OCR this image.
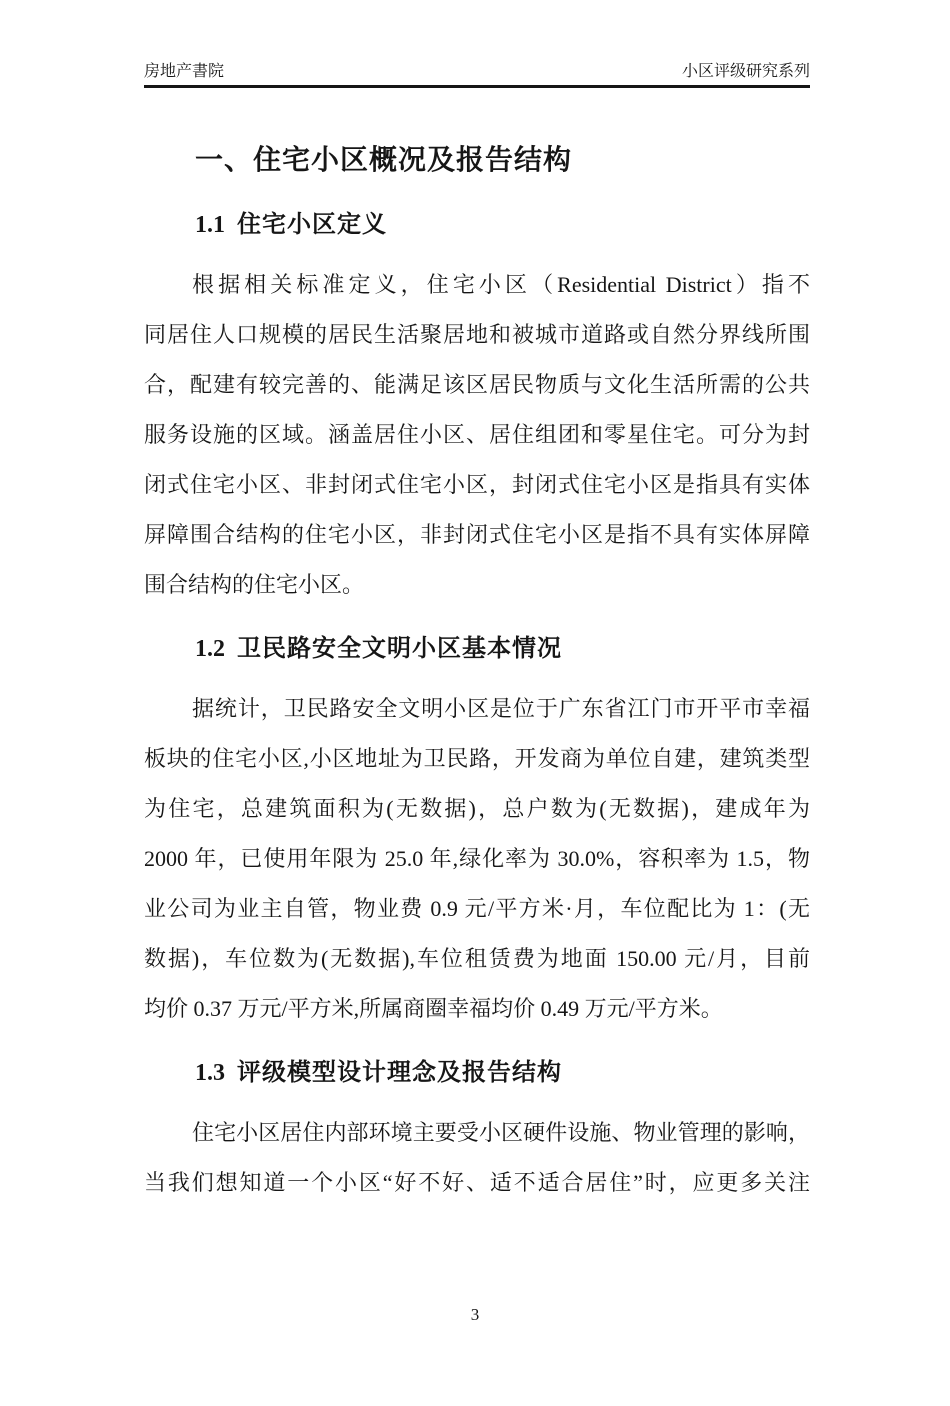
房地产書院	小区评级研究系列
一、住宅小区概况及报告结构
1.1 住宅小区定义
根据相关标准定义，住宅小区（Residential District）指不
同居住人口规模的居民生活聚居地和被城市道路或自然分界线所围
合，配建有较完善的、能满足该区居民物质与文化生活所需的公共
服务设施的区域。涵盖居住小区、居住组团和零星住宅。可分为封
闭式住宅小区、非封闭式住宅小区，封闭式住宅小区是指具有实体
屏障围合结构的住宅小区，非封闭式住宅小区是指不具有实体屏障
围合结构的住宅小区。
1.2 卫民路安全文明小区基本情况
据统计，卫民路安全文明小区是位于广东省江门市开平市幸福
板块的住宅小区,小区地址为卫民路，开发商为单位自建，建筑类型
为住宅，总建筑面积为(无数据)，总户数为(无数据)，建成年为
2000 年，已使用年限为 25.0 年,绿化率为 30.0%，容积率为 1.5，物
业公司为业主自管，物业费 0.9 元/平方米·月，车位配比为 1：(无
数据)，车位数为(无数据),车位租赁费为地面 150.00 元/月，目前
均价 0.37 万元/平方米,所属商圈幸福均价 0.49 万元/平方米。
1.3 评级模型设计理念及报告结构
住宅小区居住内部环境主要受小区硬件设施、物业管理的影响，
当我们想知道一个小区“好不好、适不适合居住”时，应更多关注
3
